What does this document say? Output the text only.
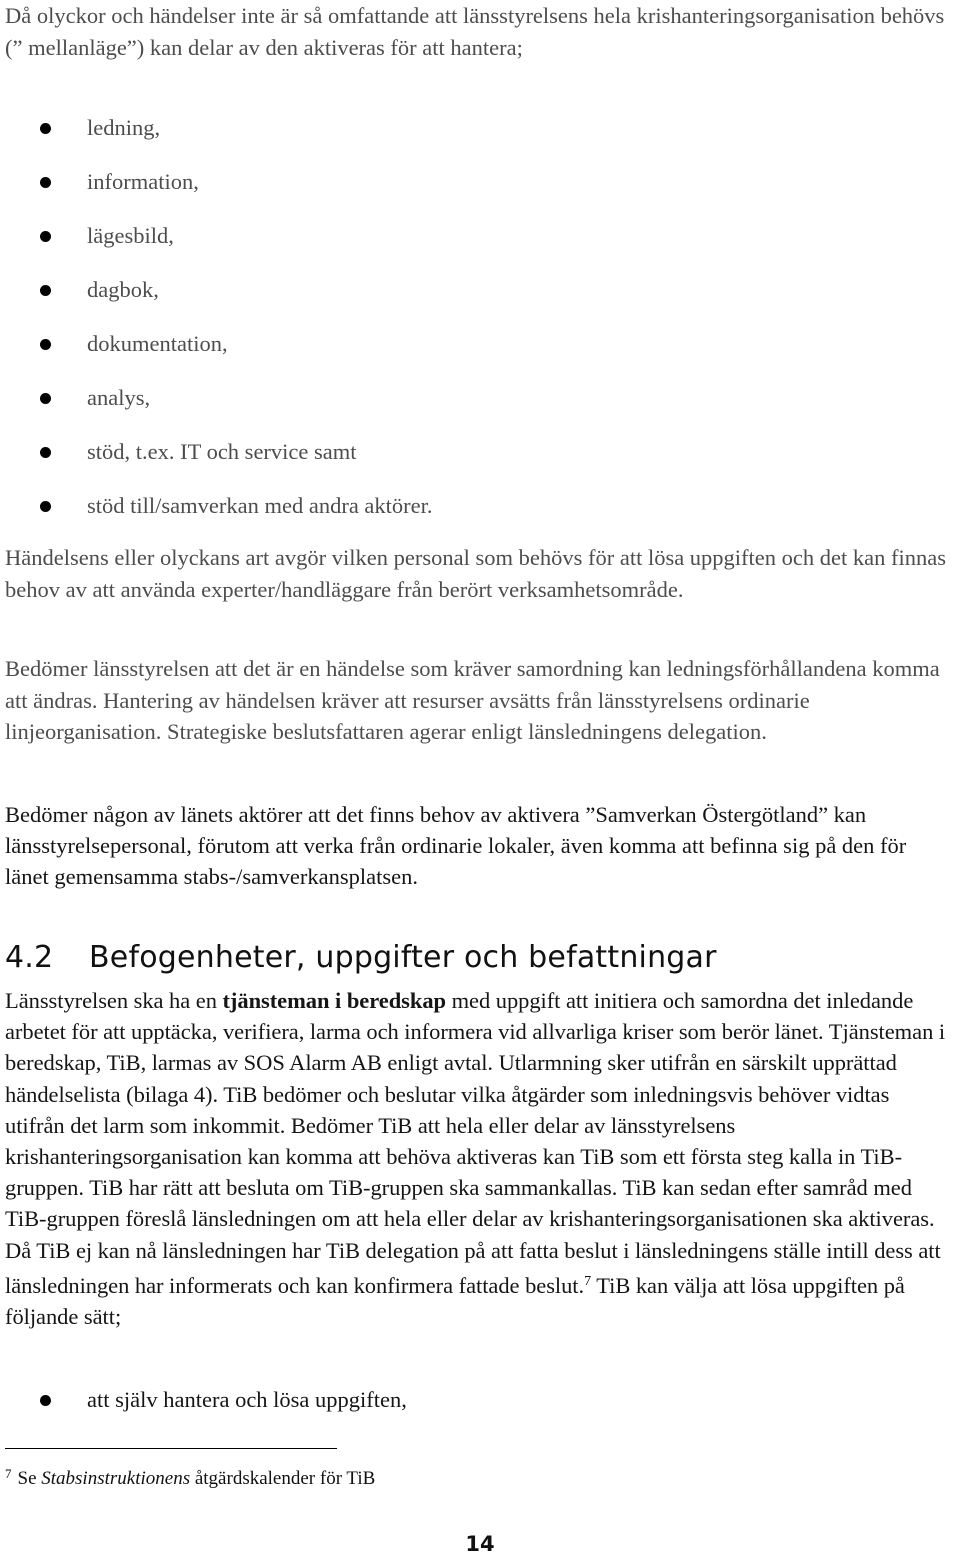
Då olyckor och händelser inte är så omfattande att länsstyrelsens hela krishanteringsorganisation behövs (” mellanläge”) kan delar av den aktiveras för att hantera;

ledning,
information,
lägesbild,
dagbok,
dokumentation,
analys,
stöd, t.ex. IT och service samt
stöd till/samverkan med andra aktörer.

Händelsens eller olyckans art avgör vilken personal som behövs för att lösa uppgiften och det kan finnas behov av att använda experter/handläggare från berört verksamhetsområde.

Bedömer länsstyrelsen att det är en händelse som kräver samordning kan ledningsförhållandena komma att ändras. Hantering av händelsen kräver att resurser avsätts från länsstyrelsens ordinarie linjeorganisation. Strategiske beslutsfattaren agerar enligt länsledningens delegation.

Bedömer någon av länets aktörer att det finns behov av aktivera ”Samverkan Östergötland” kan länsstyrelsepersonal, förutom att verka från ordinarie lokaler, även komma att befinna sig på den för länet gemensamma stabs-/samverkansplatsen.

4.2 Befogenheter, uppgifter och befattningar

Länsstyrelsen ska ha en tjänsteman i beredskap med uppgift att initiera och samordna det inledande arbetet för att upptäcka, verifiera, larma och informera vid allvarliga kriser som berör länet. Tjänsteman i beredskap, TiB, larmas av SOS Alarm AB enligt avtal. Utlarmning sker utifrån en särskilt upprättad händelselista (bilaga 4). TiB bedömer och beslutar vilka åtgärder som inledningsvis behöver vidtas utifrån det larm som inkommit. Bedömer TiB att hela eller delar av länsstyrelsens krishanteringsorganisation kan komma att behöva aktiveras kan TiB som ett första steg kalla in TiB-gruppen. TiB har rätt att besluta om TiB-gruppen ska sammankallas. TiB kan sedan efter samråd med TiB-gruppen föreslå länsledningen om att hela eller delar av krishanteringsorganisationen ska aktiveras. Då TiB ej kan nå länsledningen har TiB delegation på att fatta beslut i länsledningens ställe intill dess att länsledningen har informerats och kan konfirmera fattade beslut.$^7$ TiB kan välja att lösa uppgiften på följande sätt;

att själv hantera och lösa uppgiften,

$^7$ Se Stabsinstruktionens åtgärdskalender för TiB

14
